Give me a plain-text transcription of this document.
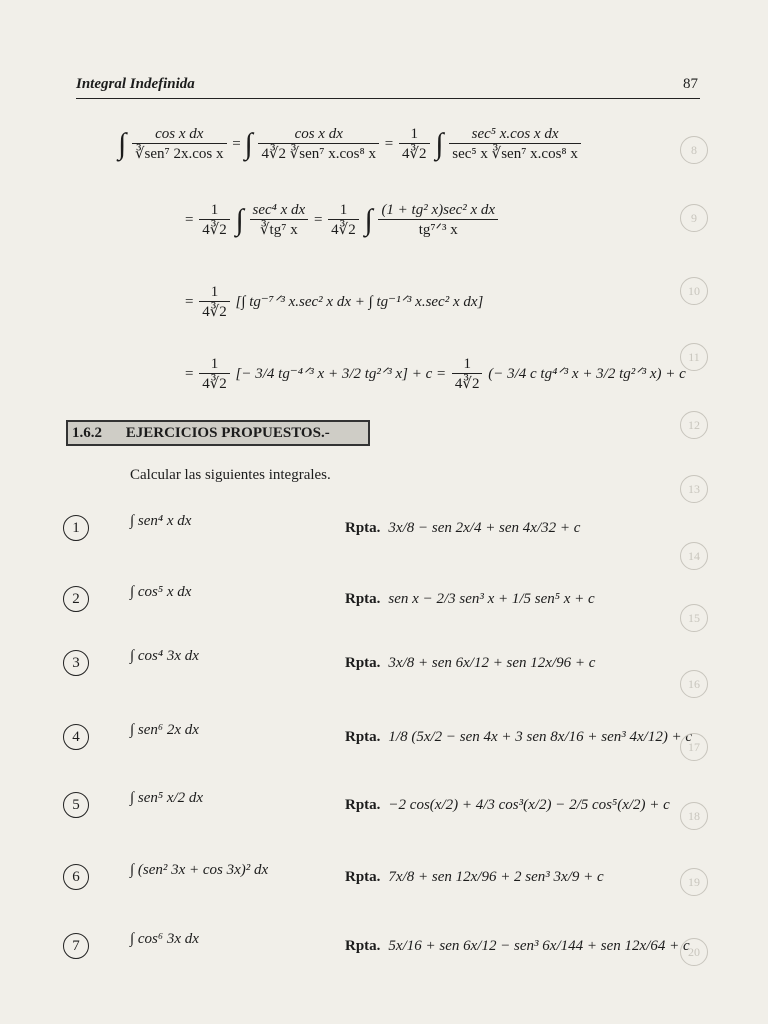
Integral Indefinida	87
∫ $\frac{\text{cos x dx}}{\text{∛sen⁷ 2x.cos x}}$ = ∫ $\frac{\text{cos x dx}}{\text{4∛2 ∛sen⁷ x.cos⁸ x}} = \frac{1}{4∛2}$ ∫ $\frac{\text{sec⁵ x.cos x dx}}{\text{sec⁵ x ∛sen⁷ x.cos⁸ x}}$
= $\frac{1}{4∛2}$ ∫ $\frac{\text{sec⁴ x dx}}{\text{∛tg⁷ x}} = \frac{1}{4∛2}$ ∫ $\frac{\text{(1 + tg² x)sec² x dx}}{\text{tg⁷ᐟ³ x}}$
= $\frac{1}{4∛2}$ [∫ tg⁻⁷ᐟ³ x.sec² x dx + ∫ tg⁻¹ᐟ³ x.sec² x dx]
= $\frac{1}{4∛2}$ [− 3/4 tg⁻⁴ᐟ³ x + 3/2 tg²ᐟ³ $x] + c = \frac{1}{4∛2}$ (− 3/4 c tg⁴ᐟ³ x + 3/2 tg²ᐟ³ x) + c
1.6.2 EJERCICIOS PROPUESTOS.-
Calcular las siguientes integrales.
1	∫ sen⁴ x dx	Rpta. 3x/8 − sen 2x/4 + sen 4x/32 + c
2	∫ cos⁵ x dx	Rpta. sen x − 2/3 sen³ x + 1/5 sen⁵ x + c
3	∫ cos⁴ 3x dx	Rpta. 3x/8 + sen 6x/12 + sen 12x/96 + c
4	∫ sen⁶ 2x dx	Rpta. 1/8 (5x/2 − sen 4x + 3 sen 8x/16 + sen³ 4x/12) + c
5	∫ sen⁵ x/2 dx	Rpta. −2 cos(x/2) + 4/3 cos³(x/2) − 2/5 cos⁵(x/2) + c
6	∫ (sen² 3x + cos 3x)² dx	Rpta. 7x/8 + sen 12x/96 + 2 sen³ 3x/9 + c
7	∫ cos⁶ 3x dx	Rpta. 5x/16 + sen 6x/12 − sen³ 6x/144 + sen 12x/64 + c
8
9
10
11
12
13
14
15
16
17
18
19
20
